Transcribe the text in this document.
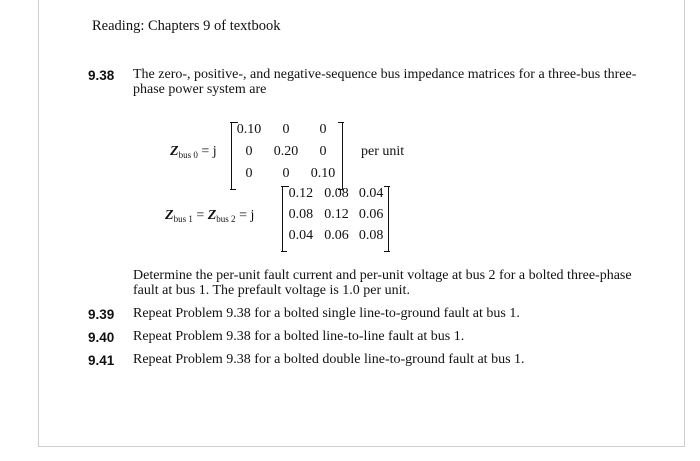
Reading: Chapters 9 of textbook
9.38 The zero-, positive-, and negative-sequence bus impedance matrices for a three-bus three-phase power system are
$Z_{bus 0} = j$
0.10	0	0
0	0.20	0
0	0	0.10
per unit
$Z_{bus 1} = Z_{bus 2} = j$
0.12 0.08 0.04
0.08 0.12 0.06
0.04 0.06 0.08
Determine the per-unit fault current and per-unit voltage at bus 2 for a bolted three-phase fault at bus 1. The prefault voltage is 1.0 per unit.
9.39 Repeat Problem 9.38 for a bolted single line-to-ground fault at bus 1.
9.40 Repeat Problem 9.38 for a bolted line-to-line fault at bus 1.
9.41 Repeat Problem 9.38 for a bolted double line-to-ground fault at bus 1.
